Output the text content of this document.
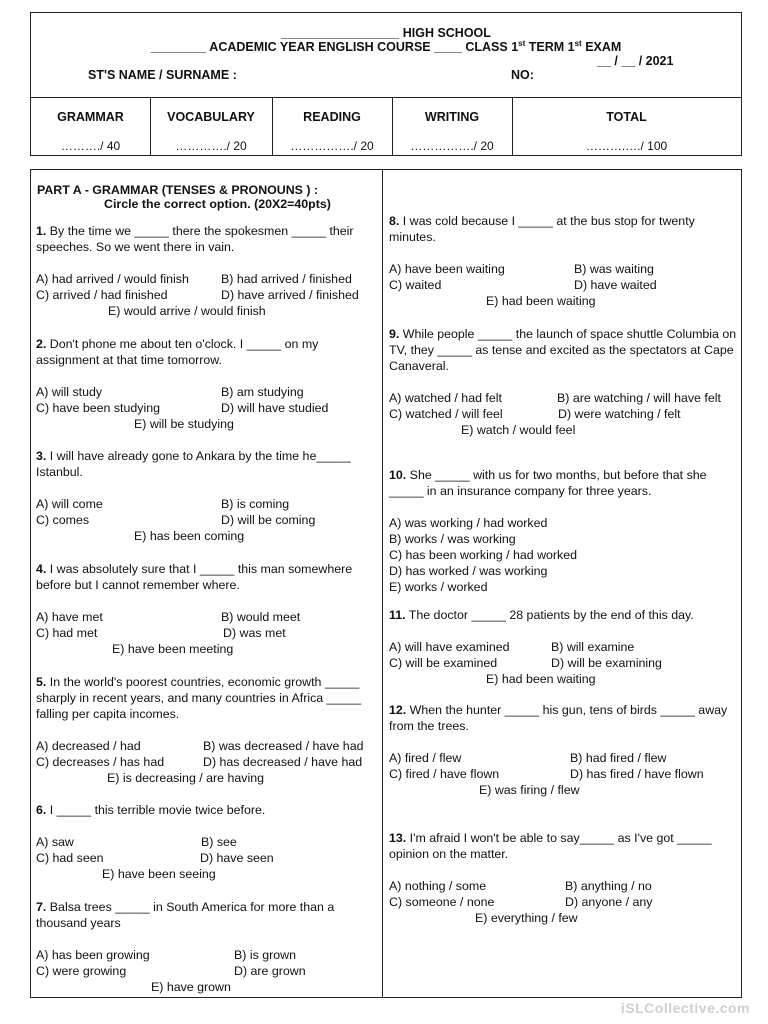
_________________ HIGH SCHOOL
________ ACADEMIC YEAR ENGLISH COURSE ____ CLASS 1st TERM 1st EXAM
__ / __ / 2021
ST'S NAME / SURNAME :	NO:
GRAMMAR	VOCABULARY	READING	WRITING	TOTAL
………./ 40	…………./ 20	……………./ 20	……………./ 20	……….…./ 100
PART A - GRAMMAR (TENSES & PRONOUNS ) :
Circle the correct option. (20X2=40pts)
1. By the time we _____ there the spokesmen _____ their speeches. So we went there in vain.
A) had arrived / would finish	B) had arrived / finished
C) arrived / had finished	D) have arrived / finished
E) would arrive / would finish
2. Don't phone me about ten o'clock. I _____ on my assignment at that time tomorrow.
A) will study	B) am studying
C) have been studying	D) will have studied
E) will be studying
3. I will have already gone to Ankara by the time he_____ Istanbul.
A) will come	B) is coming
C) comes	D) will be coming
E) has been coming
4. I was absolutely sure that I _____ this man somewhere before but I cannot remember where.
A) have met	B) would meet
C) had met	D) was met
E) have been meeting
5. In the world's poorest countries, economic growth _____ sharply in recent years, and many countries in Africa _____ falling per capita incomes.
A) decreased / had	B) was decreased / have had
C) decreases / has had	D) has decreased / have had
E) is decreasing / are having
6. I _____ this terrible movie twice before.
A) saw	B) see
C) had seen	D) have seen
E) have been seeing
7. Balsa trees _____ in South America for more than a thousand years
A) has been growing	B) is grown
C) were growing	D) are grown
E) have grown
8. I was cold because I _____ at the bus stop for twenty minutes.
A) have been waiting	B) was waiting
C) waited	D) have waited
E) had been waiting
9. While people _____ the launch of space shuttle Columbia on TV, they _____ as tense and excited as the spectators at Cape Canaveral.
A) watched / had felt	B) are watching / will have felt
C) watched / will feel	D) were watching / felt
E) watch / would feel
10. She _____ with us for two months, but before that she _____ in an insurance company for three years.
A) was working / had worked
B) works / was working
C) has been working / had worked
D) has worked / was working
E) works / worked
11. The doctor _____ 28 patients by the end of this day.
A) will have examined	B) will examine
C) will be examined	D) will be examining
E) had been waiting
12. When the hunter _____ his gun, tens of birds _____ away from the trees.
A) fired / flew	B) had fired / flew
C) fired / have flown	D) has fired / have flown
E) was firing / flew
13. I'm afraid I won't be able to say_____ as I've got _____ opinion on the matter.
A) nothing / some	B) anything / no
C) someone / none	D) anyone / any
E) everything / few
iSLCollective.com
